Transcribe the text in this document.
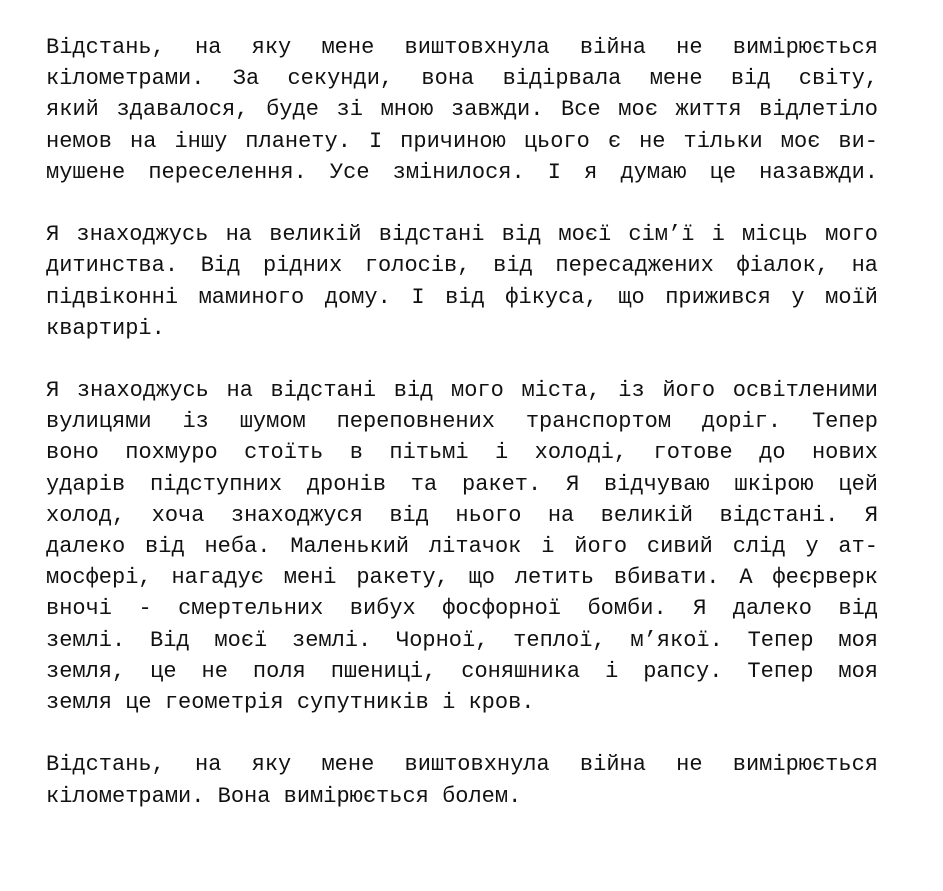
Відстань, на яку мене виштовхнула війна не вимірюється
кілометрами. За секунди, вона відірвала мене від світу,
який здавалося, буде зі мною завжди. Все моє життя відлетіло
немов на іншу планету. І причиною цього є не тільки моє ви-
мушене переселення. Усе змінилося. І я думаю це назавжди.
Я знаходжусь на великій відстані від моєї сім’ї і місць мого
дитинства. Від рідних голосів, від пересаджених фіалок, на
підвіконні маминого дому. І від фікуса, що прижився у моїй
квартирі.
Я знаходжусь на відстані від мого міста, із його освітленими
вулицями із шумом переповнених транспортом доріг. Тепер
воно похмуро стоїть в пітьмі і холоді, готове до нових
ударів підступних дронів та ракет. Я відчуваю шкірою цей
холод, хоча знаходжуся від нього на великій відстані. Я
далеко від неба. Маленький літачок і його сивий слід у ат-
мосфері, нагадує мені ракету, що летить вбивати. А феєрверк
вночі - смертельних вибух фосфорної бомби. Я далеко від
землі. Від моєї землі. Чорної, теплої, м’якої. Тепер моя
земля, це не поля пшениці, соняшника і рапсу. Тепер моя
земля це геометрія супутників і кров.
Відстань, на яку мене виштовхнула війна не вимірюється
кілометрами. Вона вимірюється болем.
